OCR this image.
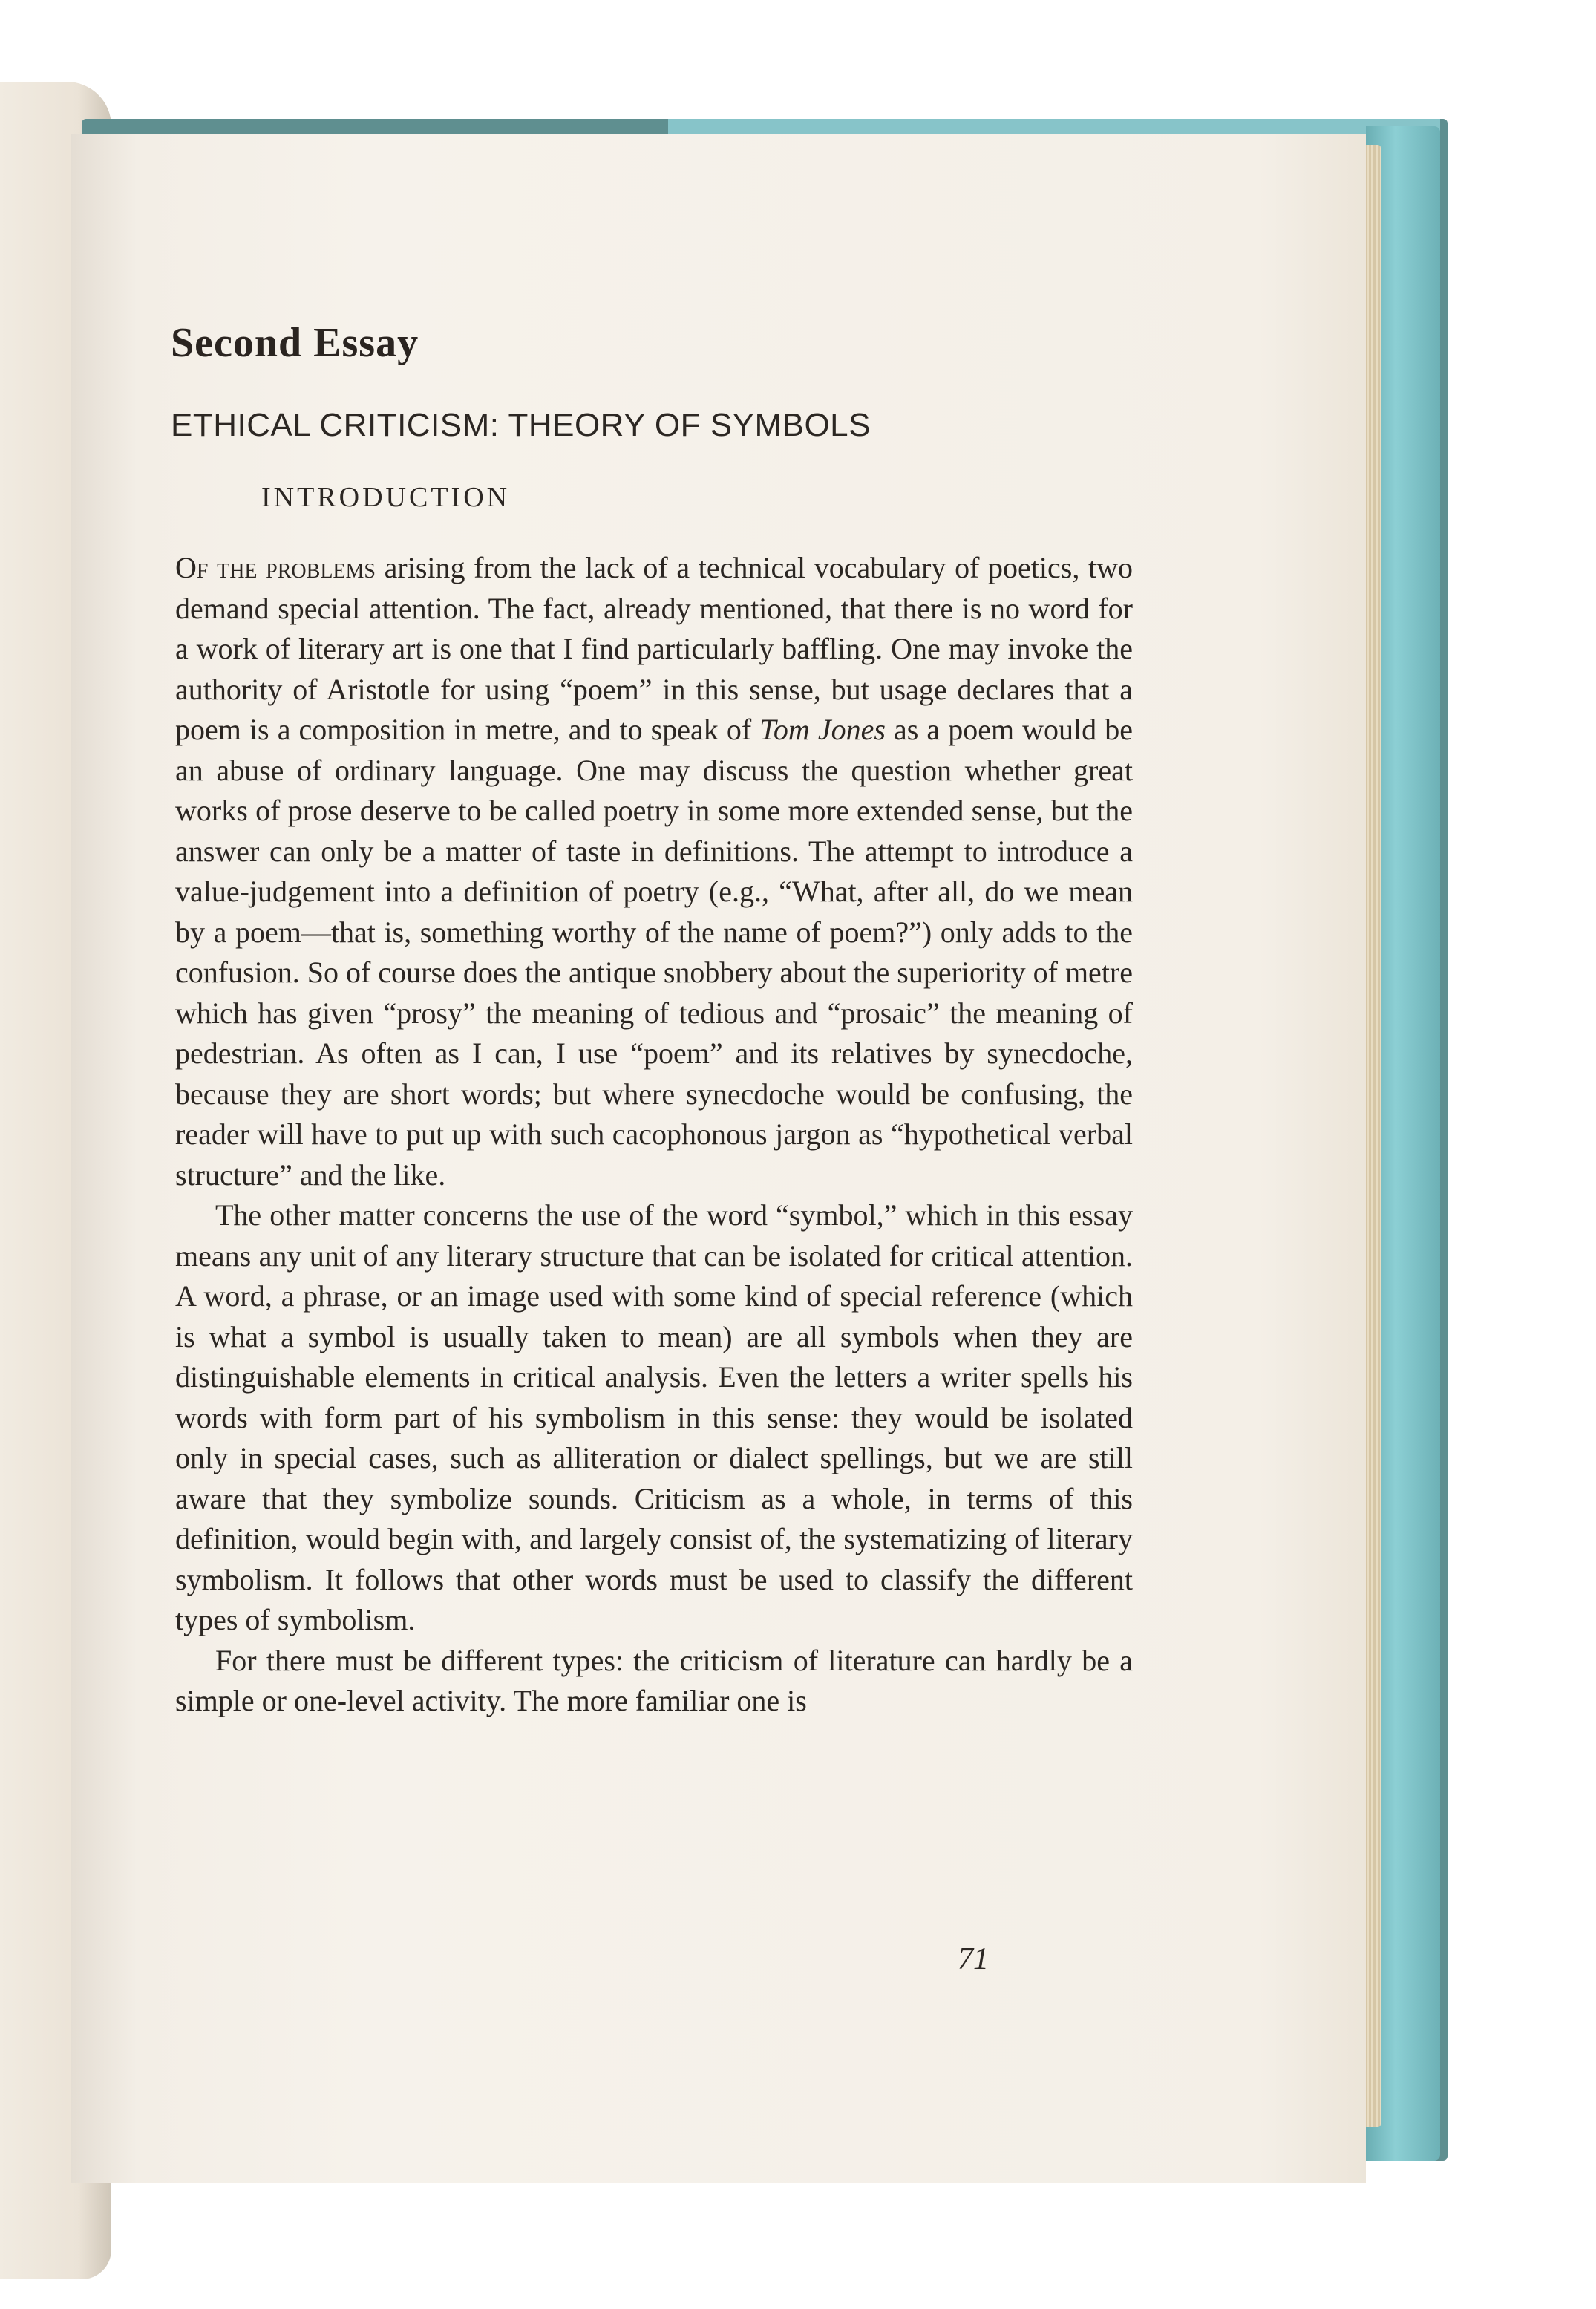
Second Essay
ETHICAL CRITICISM: THEORY OF SYMBOLS
INTRODUCTION

Of the problems arising from the lack of a technical vocabulary of poetics, two demand special attention. The fact, already mentioned, that there is no word for a work of literary art is one that I find particularly baffling. One may invoke the authority of Aristotle for using “poem” in this sense, but usage declares that a poem is a composition in metre, and to speak of Tom Jones as a poem would be an abuse of ordinary language. One may discuss the question whether great works of prose deserve to be called poetry in some more extended sense, but the answer can only be a matter of taste in definitions. The attempt to introduce a value-judgement into a definition of poetry (e.g., “What, after all, do we mean by a poem—that is, something worthy of the name of poem?”) only adds to the confusion. So of course does the antique snobbery about the superiority of metre which has given “prosy” the meaning of tedious and “prosaic” the meaning of pedestrian. As often as I can, I use “poem” and its relatives by synecdoche, because they are short words; but where synecdoche would be confusing, the reader will have to put up with such cacophonous jargon as “hypothetical verbal structure” and the like.

The other matter concerns the use of the word “symbol,” which in this essay means any unit of any literary structure that can be isolated for critical attention. A word, a phrase, or an image used with some kind of special reference (which is what a symbol is usually taken to mean) are all symbols when they are distinguishable elements in critical analysis. Even the letters a writer spells his words with form part of his symbolism in this sense: they would be isolated only in special cases, such as alliteration or dialect spellings, but we are still aware that they symbolize sounds. Criticism as a whole, in terms of this definition, would begin with, and largely consist of, the systematizing of literary symbolism. It follows that other words must be used to classify the different types of symbolism.

For there must be different types: the criticism of literature can hardly be a simple or one-level activity. The more familiar one is

71
